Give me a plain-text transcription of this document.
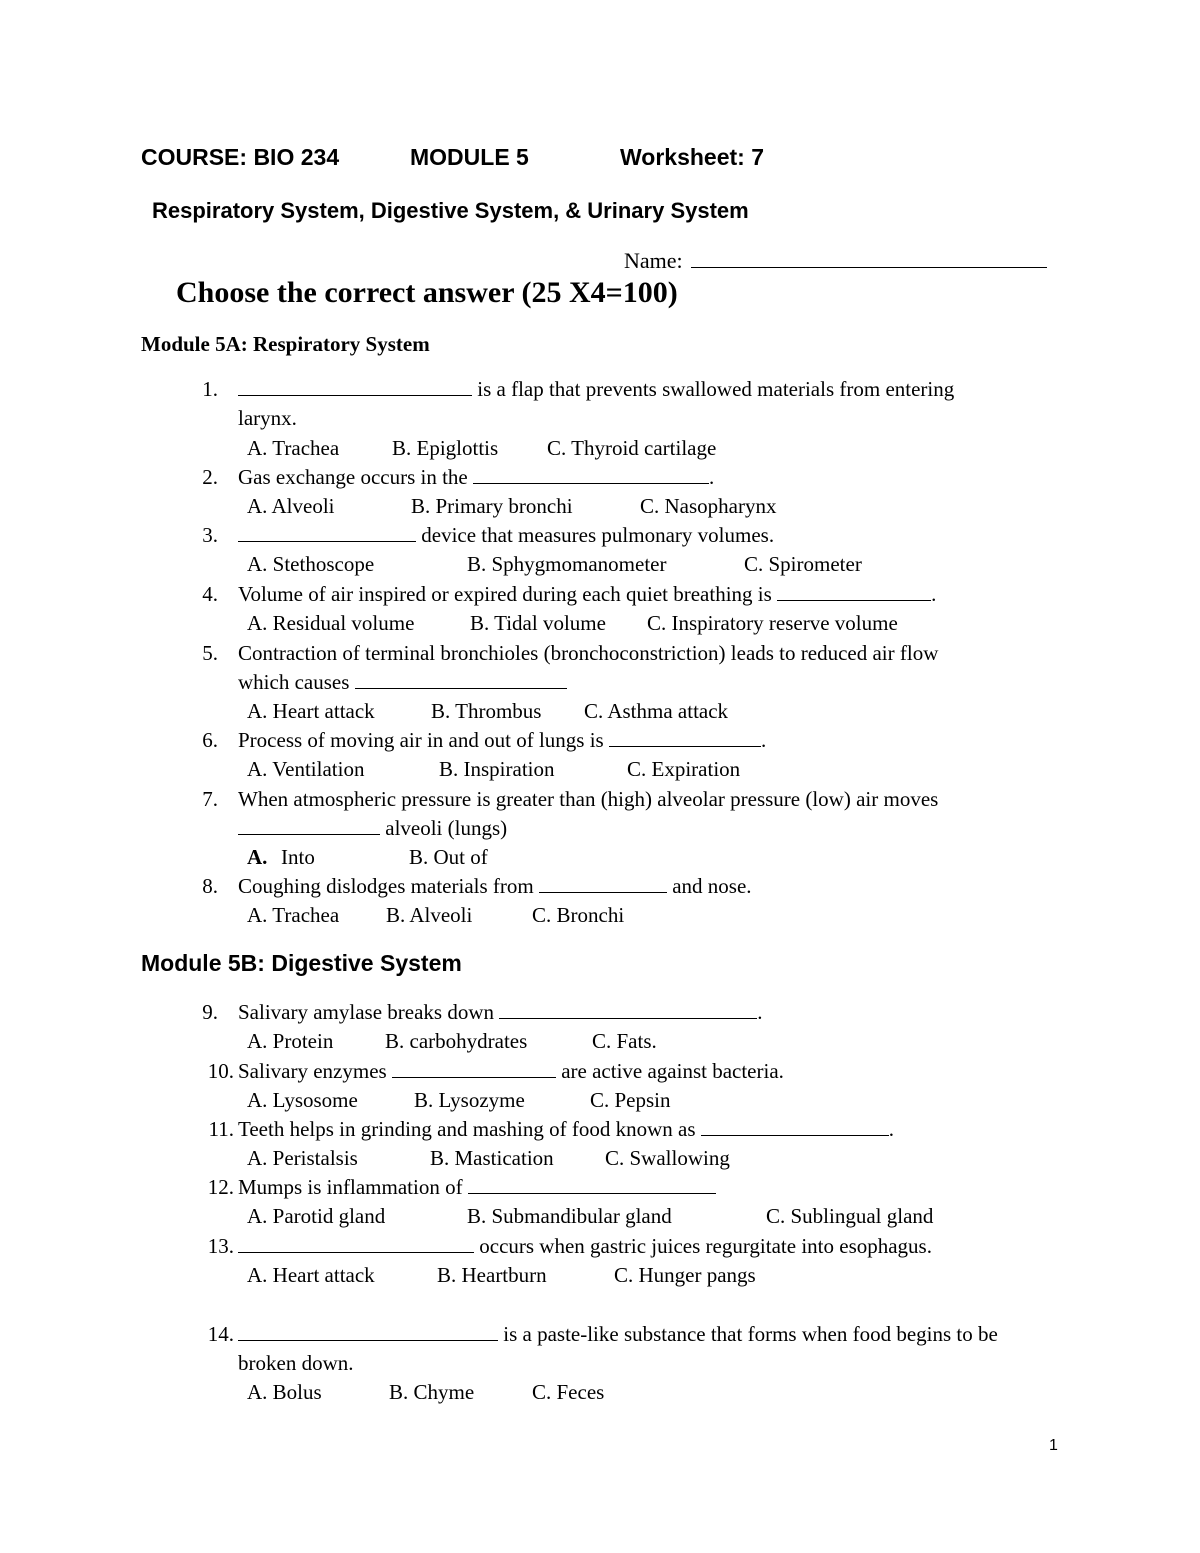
COURSE: BIO 234	MODULE 5	Worksheet: 7
Respiratory System, Digestive System, & Urinary System
Name:
Choose the correct answer (25 X4=100)
Module 5A: Respiratory System
1.	is a flap that prevents swallowed materials from entering
larynx.
A. Trachea	B. Epiglottis C. Thyroid cartilage
2. Gas exchange occurs in the	.
A. Alveoli	B. Primary bronchi	C. Nasopharynx
3.	device that measures pulmonary volumes.
A. Stethoscope	B. Sphygmomanometer	C. Spirometer
4. Volume of air inspired or expired during each quiet breathing is	.
A. Residual volume	B. Tidal volume C. Inspiratory reserve volume
5. Contraction of terminal bronchioles (bronchoconstriction) leads to reduced air flow
which causes
A. Heart attack	B. Thrombus C. Asthma attack
6. Process of moving air in and out of lungs is	.
A. Ventilation	B. Inspiration	C. Expiration
7. When atmospheric pressure is greater than (high) alveolar pressure (low) air moves
alveoli (lungs)
A. Into	B. Out of
8. Coughing dislodges materials from	and nose.
A. Trachea B. Alveoli	C. Bronchi
Module 5B: Digestive System
9. Salivary amylase breaks down	.
A. Protein B. carbohydrates	C. Fats.
10. Salivary enzymes	are active against bacteria.
A. Lysosome	B. Lysozyme	C. Pepsin
11. Teeth helps in grinding and mashing of food known as	.
A. Peristalsis	B. Mastication C. Swallowing
12. Mumps is inflammation of
A. Parotid gland	B. Submandibular gland	C. Sublingual gland
13.	occurs when gastric juices regurgitate into esophagus.
A. Heart attack	B. Heartburn	C. Hunger pangs
14.	is a paste-like substance that forms when food begins to be
broken down.
A. Bolus	B. Chyme	C. Feces
1
